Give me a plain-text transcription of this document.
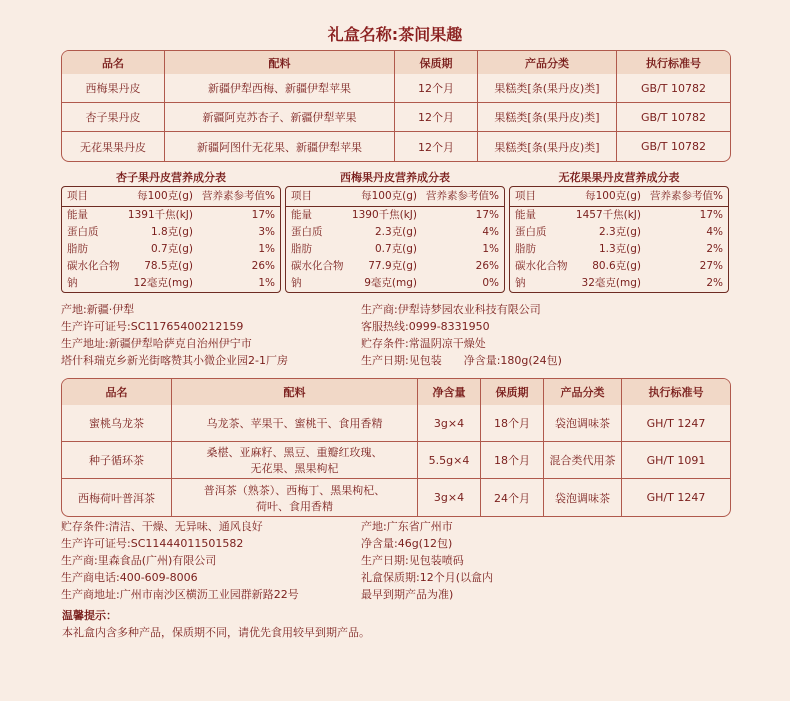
礼盒名称:茶间果趣
品名	配料	保质期	产品分类	执行标准号
西梅果丹皮	新疆伊犁西梅、新疆伊犁苹果	12个月	果糕类[条(果丹皮)类]	GB/T 10782
杏子果丹皮	新疆阿克苏杏子、新疆伊犁苹果	12个月	果糕类[条(果丹皮)类]	GB/T 10782
无花果果丹皮	新疆阿图什无花果、新疆伊犁苹果	12个月	果糕类[条(果丹皮)类]	GB/T 10782
杏子果丹皮营养成分表
项目	每100克(g) 营养素参考值%
能量	1391千焦(kJ)	17%
蛋白质	1.8克(g)	3%
脂肪	0.7克(g)	1%
碳水化合物	78.5克(g)	26%
钠	12毫克(mg)	1%
西梅果丹皮营养成分表
项目	每100克(g) 营养素参考值%
能量	1390千焦(kJ)	17%
蛋白质	2.3克(g)	4%
脂肪	0.7克(g)	1%
碳水化合物	77.9克(g)	26%
钠	9毫克(mg)	0%
无花果果丹皮营养成分表
项目	每100克(g) 营养素参考值%
能量	1457千焦(kJ)	17%
蛋白质	2.3克(g)	4%
脂肪	1.3克(g)	2%
碳水化合物	80.6克(g)	27%
钠	32毫克(mg)	2%
产地:新疆·伊犁
生产许可证号:SC11765400212159
生产地址:新疆伊犁哈萨克自治州伊宁市
塔什科瑞克乡新光街喀赞其小微企业园2-1厂房
生产商:伊犁诗梦园农业科技有限公司
客服热线:0999-8331950
贮存条件:常温阴凉干燥处
生产日期:见包装　　净含量:180g(24包)
品名	配料	净含量	保质期	产品分类	执行标准号
蜜桃乌龙茶	乌龙茶、苹果干、蜜桃干、食用香精	3g×4	18个月	袋泡调味茶	GH/T 1247
种子循环茶	桑椹、亚麻籽、黑豆、重瓣红玫瑰、
无花果、黑果枸杞	5.5g×4	18个月	混合类代用茶	GH/T 1091
西梅荷叶普洱茶	普洱茶（熟茶）、西梅丁、黑果枸杞、
荷叶、食用香精	3g×4	24个月	袋泡调味茶	GH/T 1247
贮存条件:清洁、干燥、无异味、通风良好
生产许可证号:SC11444011501582
生产商:里森食品(广州)有限公司
生产商电话:400-609-8006
生产商地址:广州市南沙区横沥工业园群新路22号
产地:广东省广州市
净含量:46g(12包)
生产日期:见包装喷码
礼盒保质期:12个月(以盒内
最早到期产品为准)
温馨提示：
本礼盒内含多种产品，保质期不同，请优先食用较早到期产品。
